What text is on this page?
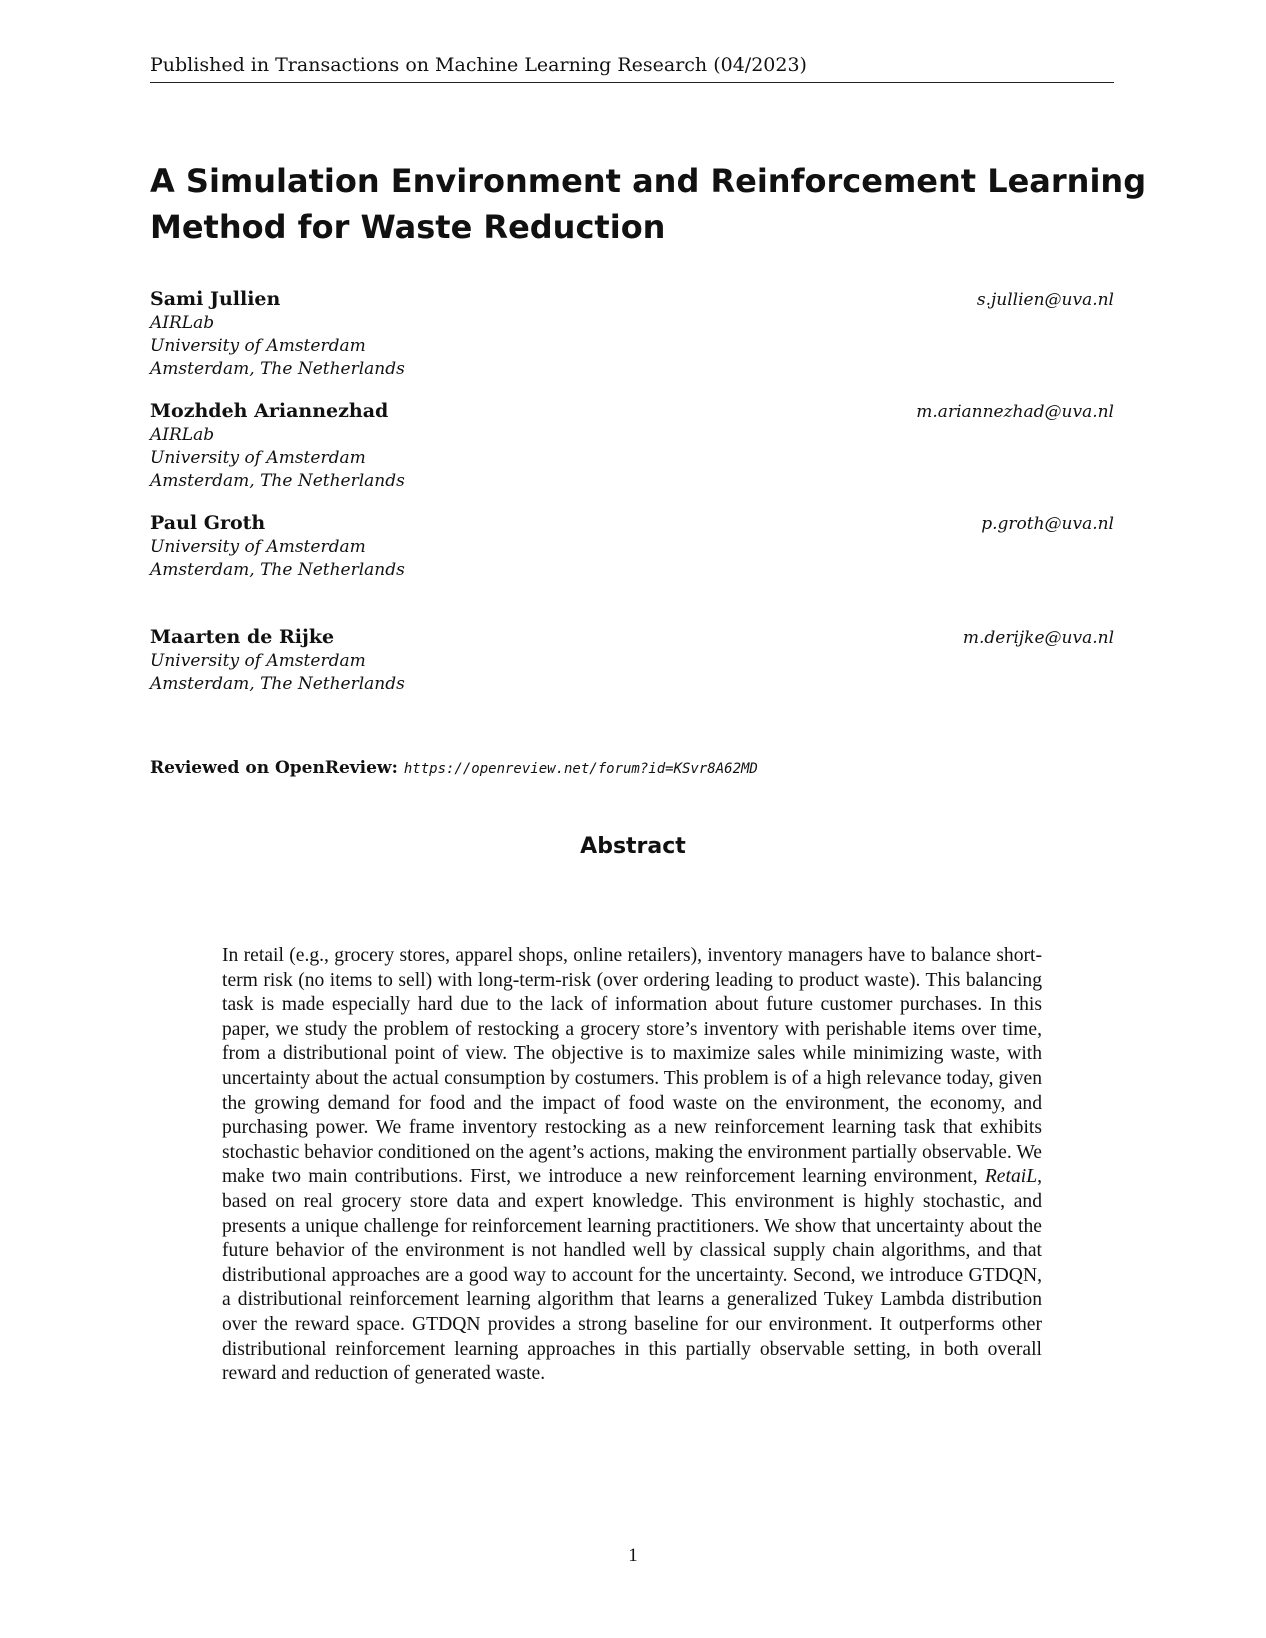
Published in Transactions on Machine Learning Research (04/2023)
A Simulation Environment and Reinforcement Learning
Method for Waste Reduction
Sami Jullien
AIRLab
University of Amsterdam
Amsterdam, The Netherlands
s.jullien@uva.nl
Mozhdeh Ariannezhad
AIRLab
University of Amsterdam
Amsterdam, The Netherlands
m.ariannezhad@uva.nl
Paul Groth
University of Amsterdam
Amsterdam, The Netherlands
p.groth@uva.nl
Maarten de Rijke
University of Amsterdam
Amsterdam, The Netherlands
m.derijke@uva.nl
Reviewed on OpenReview: https://openreview.net/forum?id=KSvr8A62MD
Abstract
In retail (e.g., grocery stores, apparel shops, online retailers), inventory managers have to balance short-term risk (no items to sell) with long-term-risk (over ordering leading to product waste). This balancing task is made especially hard due to the lack of information about future customer purchases. In this paper, we study the problem of restocking a grocery store’s inventory with perishable items over time, from a distributional point of view. The objective is to maximize sales while minimizing waste, with uncertainty about the actual consumption by costumers. This problem is of a high relevance today, given the growing demand for food and the impact of food waste on the environment, the economy, and purchasing power. We frame inventory restocking as a new reinforcement learning task that exhibits stochastic behavior conditioned on the agent’s actions, making the environment partially observable. We make two main contributions. First, we introduce a new reinforcement learning environment, RetaiL, based on real grocery store data and expert knowledge. This environment is highly stochastic, and presents a unique challenge for reinforcement learning practitioners. We show that uncertainty about the future behavior of the environment is not handled well by classical supply chain algorithms, and that distributional approaches are a good way to account for the uncertainty. Second, we introduce GTDQN, a distributional reinforcement learning algorithm that learns a generalized Tukey Lambda distribution over the reward space. GTDQN provides a strong baseline for our environment. It outperforms other distributional reinforcement learning approaches in this partially observable setting, in both overall reward and reduction of generated waste.
1
